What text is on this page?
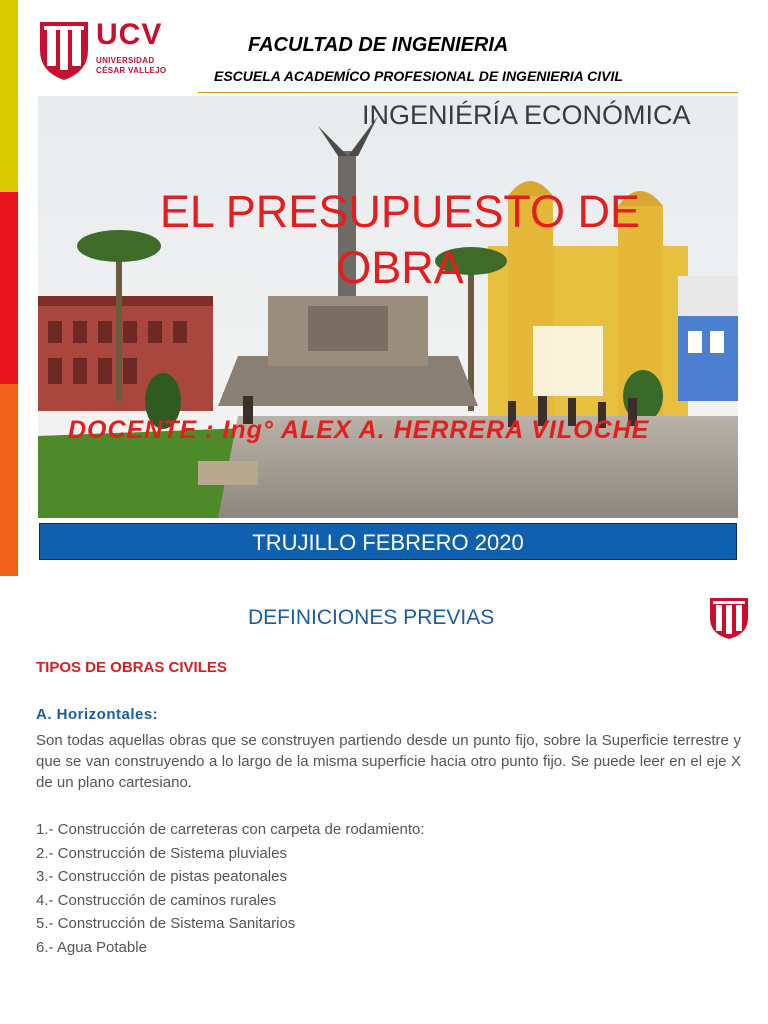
UCV
UNIVERSIDAD
CÉSAR VALLEJO
FACULTAD DE INGENIERIA
ESCUELA ACADEMÍCO PROFESIONAL DE INGENIERIA CIVIL
INGENIÉRÍA ECONÓMICA
EL PRESUPUESTO DE
OBRA
DOCENTE : Ing° ALEX A. HERRERA VILOCHE
TRUJILLO FEBRERO 2020
DEFINICIONES PREVIAS
TIPOS DE OBRAS CIVILES
A. Horizontales:
Son todas aquellas obras que se construyen partiendo desde un punto fijo, sobre la Superficie terrestre y que se van construyendo a lo largo de la misma superficie hacia otro punto fijo. Se puede leer en el eje X de un plano cartesiano.
1.- Construcción de carreteras con carpeta de rodamiento:
2.- Construcción de Sistema pluviales
3.- Construcción de pistas peatonales
4.- Construcción de caminos rurales
5.- Construcción de Sistema Sanitarios
6.- Agua Potable
